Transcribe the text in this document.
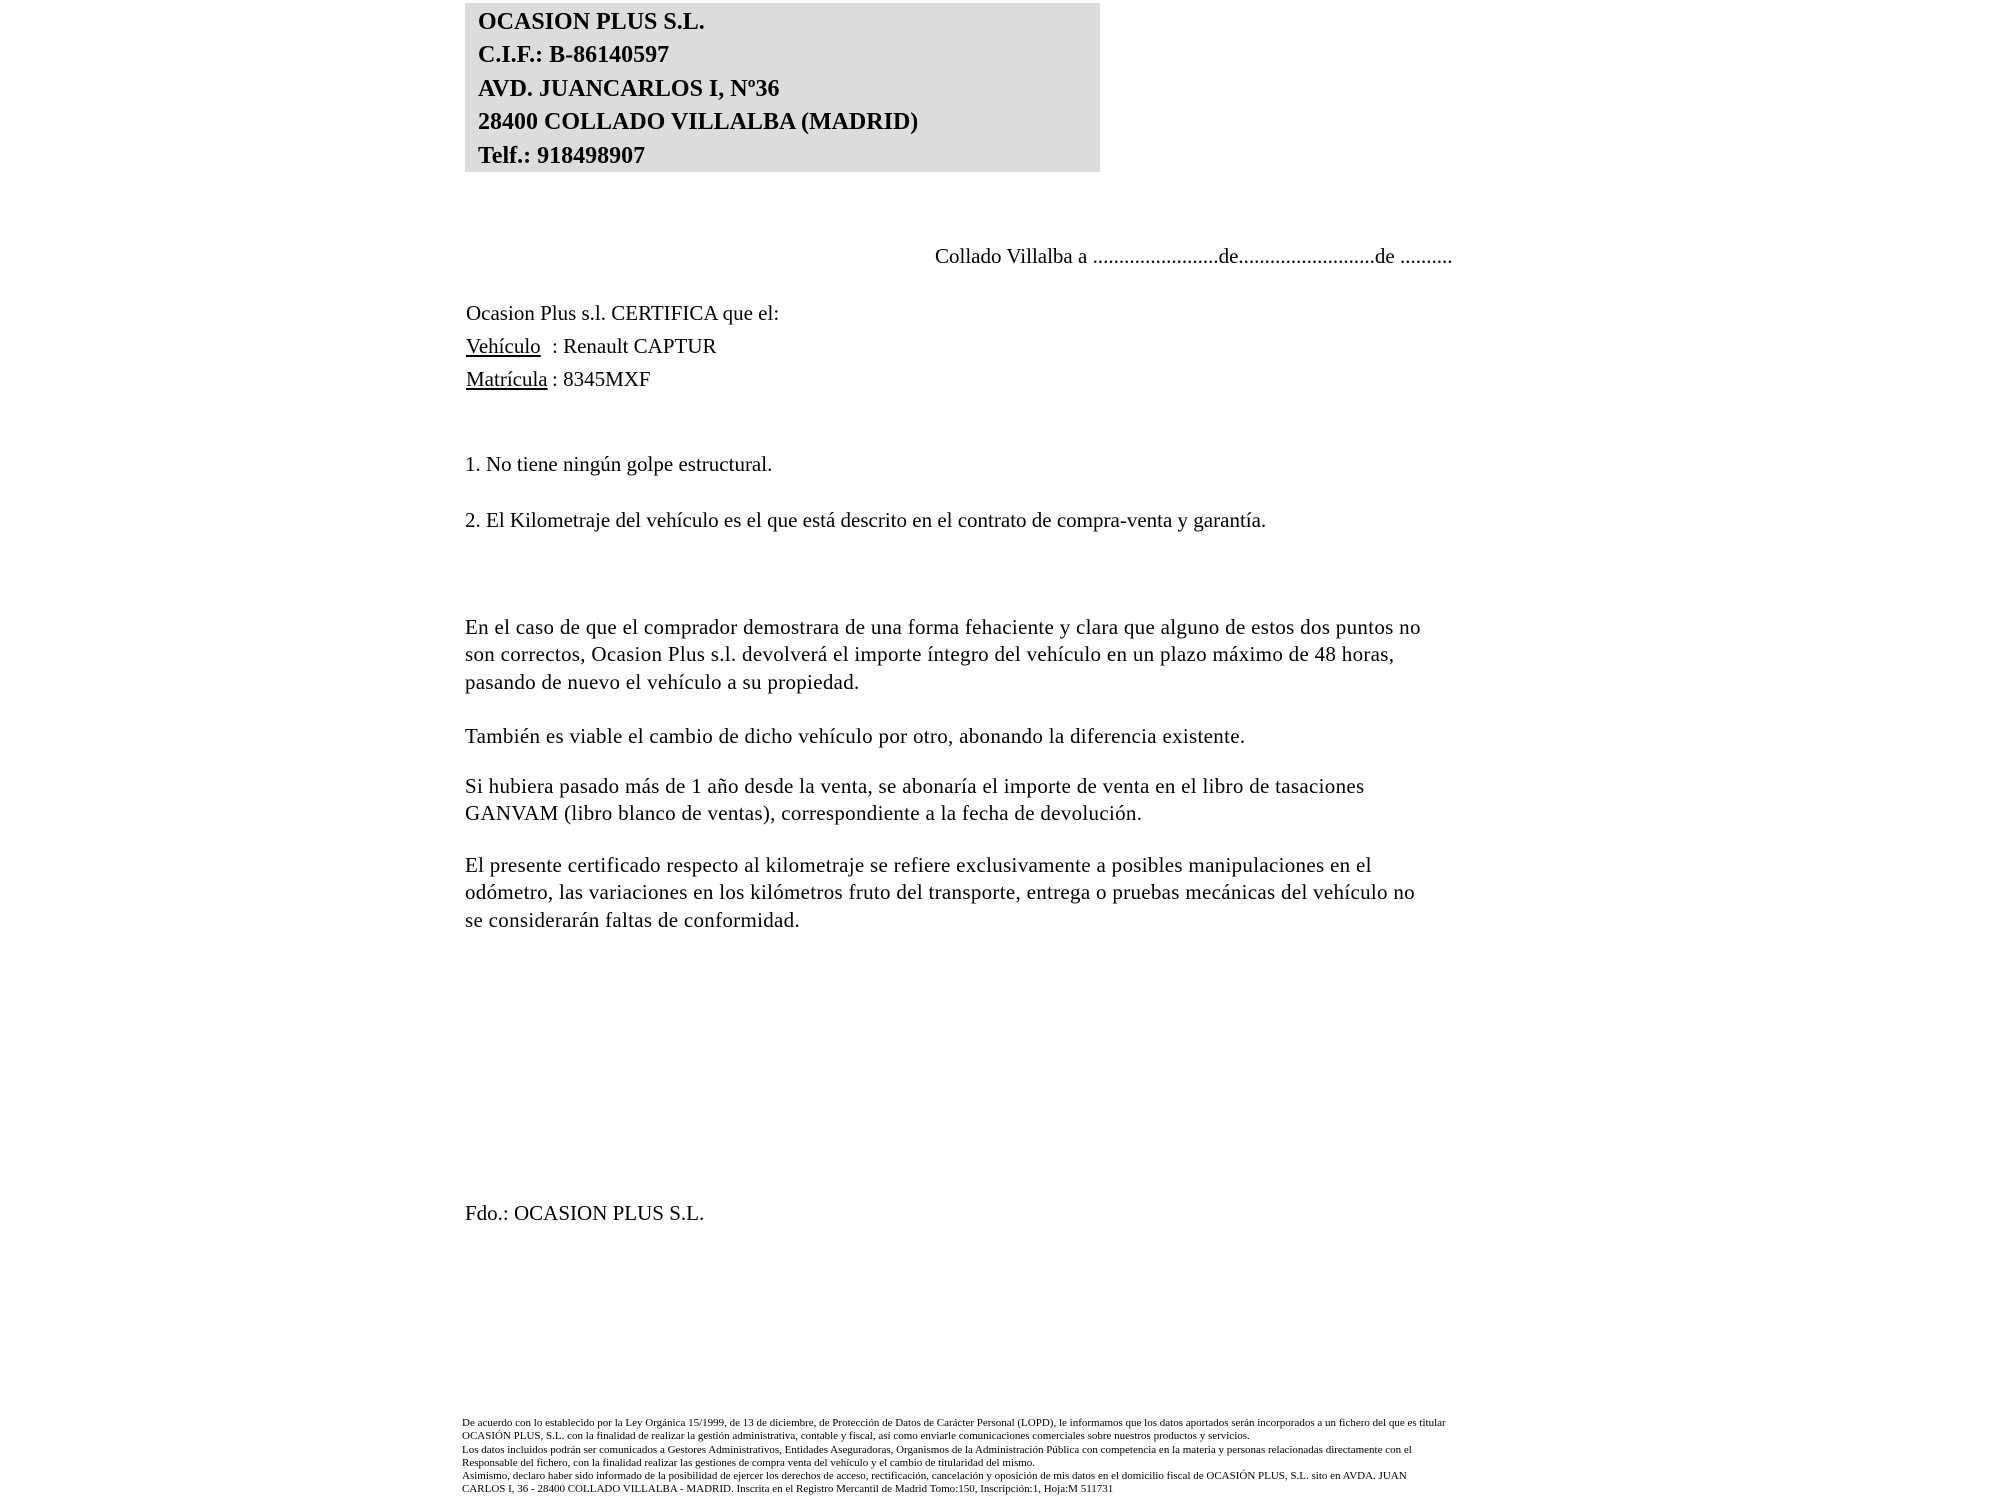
OCASION PLUS S.L.
C.I.F.: B-86140597
AVD. JUANCARLOS I, Nº36
28400 COLLADO VILLALBA (MADRID)
Telf.: 918498907
Collado Villalba a ........................de..........................de ..........
Ocasion Plus s.l. CERTIFICA que el:
Vehículo : Renault CAPTUR
Matrícula : 8345MXF
1. No tiene ningún golpe estructural.
2. El Kilometraje del vehículo es el que está descrito en el contrato de compra-venta y garantía.
En el caso de que el comprador demostrara de una forma fehaciente y clara que alguno de estos dos puntos no
son correctos, Ocasion Plus s.l. devolverá el importe íntegro del vehículo en un plazo máximo de 48 horas,
pasando de nuevo el vehículo a su propiedad.
También es viable el cambio de dicho vehículo por otro, abonando la diferencia existente.
Si hubiera pasado más de 1 año desde la venta, se abonaría el importe de venta en el libro de tasaciones
GANVAM (libro blanco de ventas), correspondiente a la fecha de devolución.
El presente certificado respecto al kilometraje se refiere exclusivamente a posibles manipulaciones en el
odómetro, las variaciones en los kilómetros fruto del transporte, entrega o pruebas mecánicas del vehículo no
se considerarán faltas de conformidad.
Fdo.: OCASION PLUS S.L.
De acuerdo con lo establecido por la Ley Orgánica 15/1999, de 13 de diciembre, de Protección de Datos de Carácter Personal (LOPD), le informamos que los datos aportados serán incorporados a un fichero del que es titular
OCASIÓN PLUS, S.L. con la finalidad de realizar la gestión administrativa, contable y fiscal, así como enviarle comunicaciones comerciales sobre nuestros productos y servicios.
Los datos incluidos podrán ser comunicados a Gestores Administrativos, Entidades Aseguradoras, Organismos de la Administración Pública con competencia en la materia y personas relacionadas directamente con el
Responsable del fichero, con la finalidad realizar las gestiones de compra venta del vehículo y el cambio de titularidad del mismo.
Asimismo, declaro haber sido informado de la posibilidad de ejercer los derechos de acceso, rectificación, cancelación y oposición de mis datos en el domicilio fiscal de OCASIÓN PLUS, S.L. sito en AVDA. JUAN
CARLOS I, 36 - 28400 COLLADO VILLALBA - MADRID. Inscrita en el Registro Mercantil de Madrid Tomo:150, Inscripción:1, Hoja:M 511731
